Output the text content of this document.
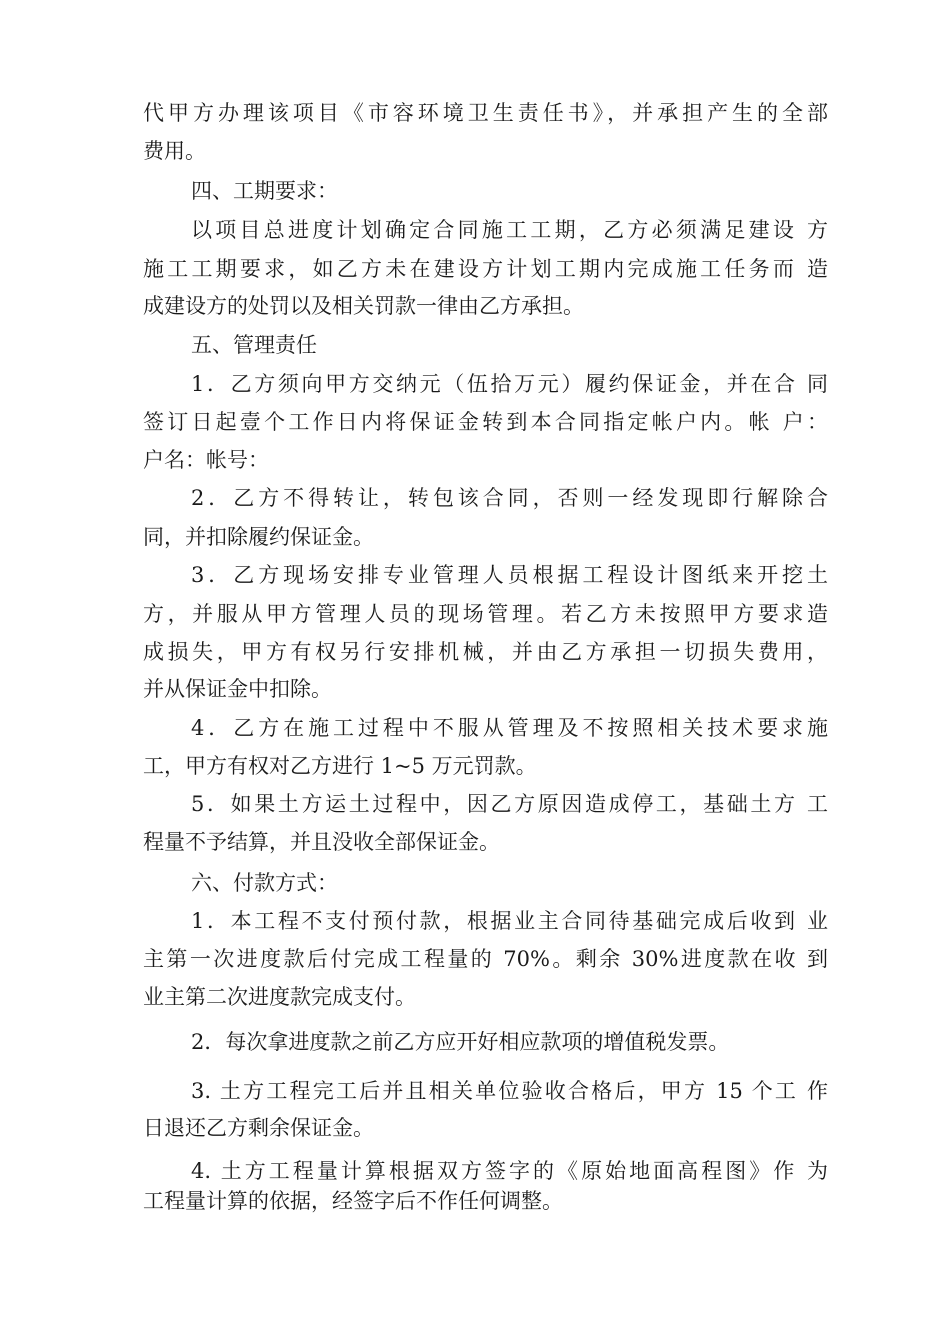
代甲方办理该项目《市容环境卫生责任书》，并承担产生的全部
费用。
四、工期要求：
以项目总进度计划确定合同施工工期，乙方必须满足建设 方
施工工期要求，如乙方未在建设方计划工期内完成施工任务而 造
成建设方的处罚以及相关罚款一律由乙方承担。
五、管理责任
1．乙方须向甲方交纳元（伍拾万元）履约保证金，并在合 同
签订日起壹个工作日内将保证金转到本合同指定帐户内。帐 户：
户名：帐号：
2．乙方不得转让，转包该合同，否则一经发现即行解除合
同，并扣除履约保证金。
3．乙方现场安排专业管理人员根据工程设计图纸来开挖土
方，并服从甲方管理人员的现场管理。若乙方未按照甲方要求造
成损失，甲方有权另行安排机械，并由乙方承担一切损失费用，
并从保证金中扣除。
4．乙方在施工过程中不服从管理及不按照相关技术要求施
工，甲方有权对乙方进行 1~5 万元罚款。
5．如果土方运土过程中，因乙方原因造成停工，基础土方 工
程量不予结算，并且没收全部保证金。
六、付款方式：
1．本工程不支付预付款，根据业主合同待基础完成后收到 业
主第一次进度款后付完成工程量的 70%。剩余 30%进度款在收 到
业主第二次进度款完成支付。
2．每次拿进度款之前乙方应开好相应款项的增值税发票。
3. 土方工程完工后并且相关单位验收合格后，甲方 15 个工 作
日退还乙方剩余保证金。
4. 土方工程量计算根据双方签字的《原始地面高程图》作 为
工程量计算的依据，经签字后不作任何调整。
